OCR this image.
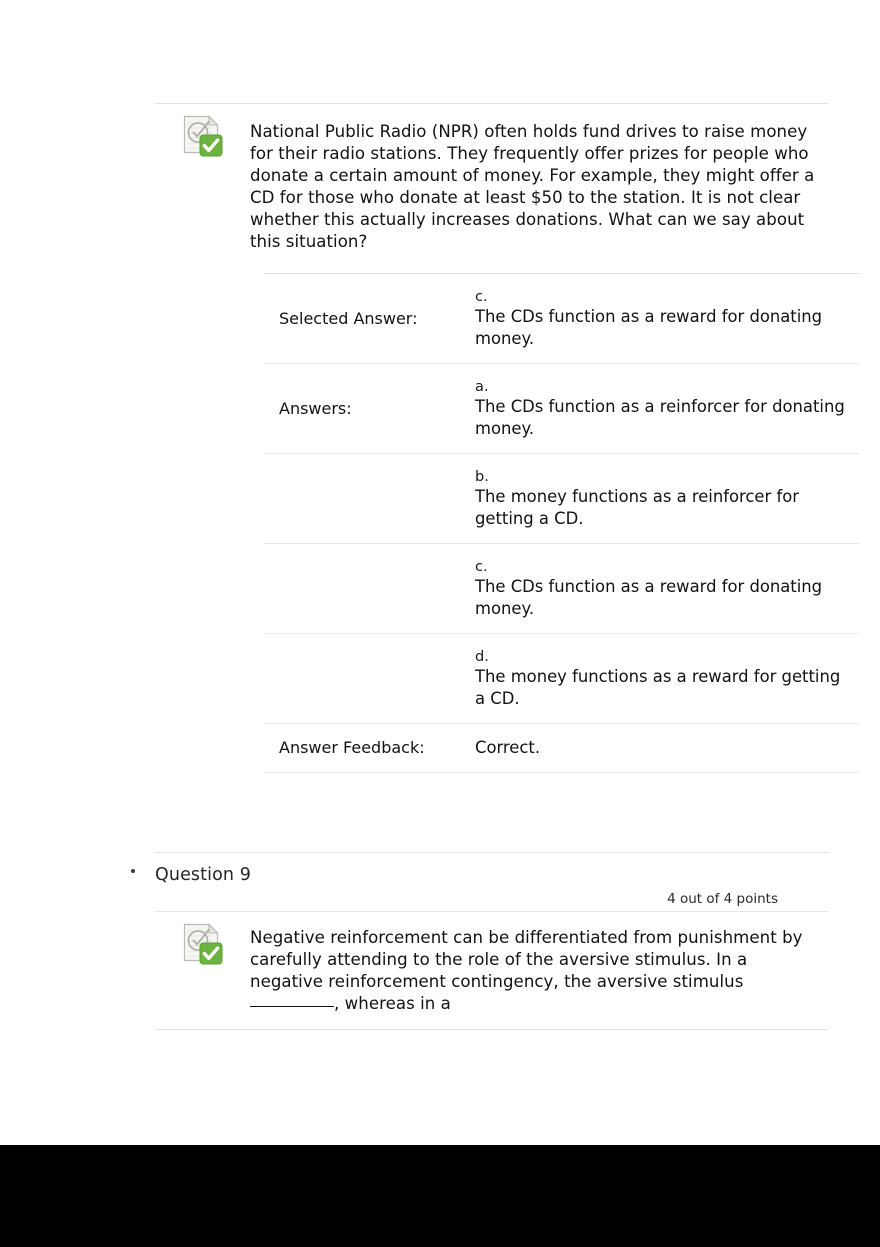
National Public Radio (NPR) often holds fund drives to raise money for their radio stations. They frequently offer prizes for people who donate a certain amount of money. For example, they might offer a CD for those who donate at least $50 to the station. It is not clear whether this actually increases donations. What can we say about this situation?
Selected Answer:	c.
The CDs function as a reward for donating money.

Answers:	a.
The CDs function as a reinforcer for donating money.

	b.
The money functions as a reinforcer for getting a CD.

	c.
The CDs function as a reward for donating money.

	d.
The money functions as a reward for getting a CD.

Answer Feedback:	Correct.
Question 9
4 out of 4 points
Negative reinforcement can be differentiated from punishment by carefully attending to the role of the aversive stimulus. In a negative reinforcement contingency, the aversive stimulus , whereas in a
